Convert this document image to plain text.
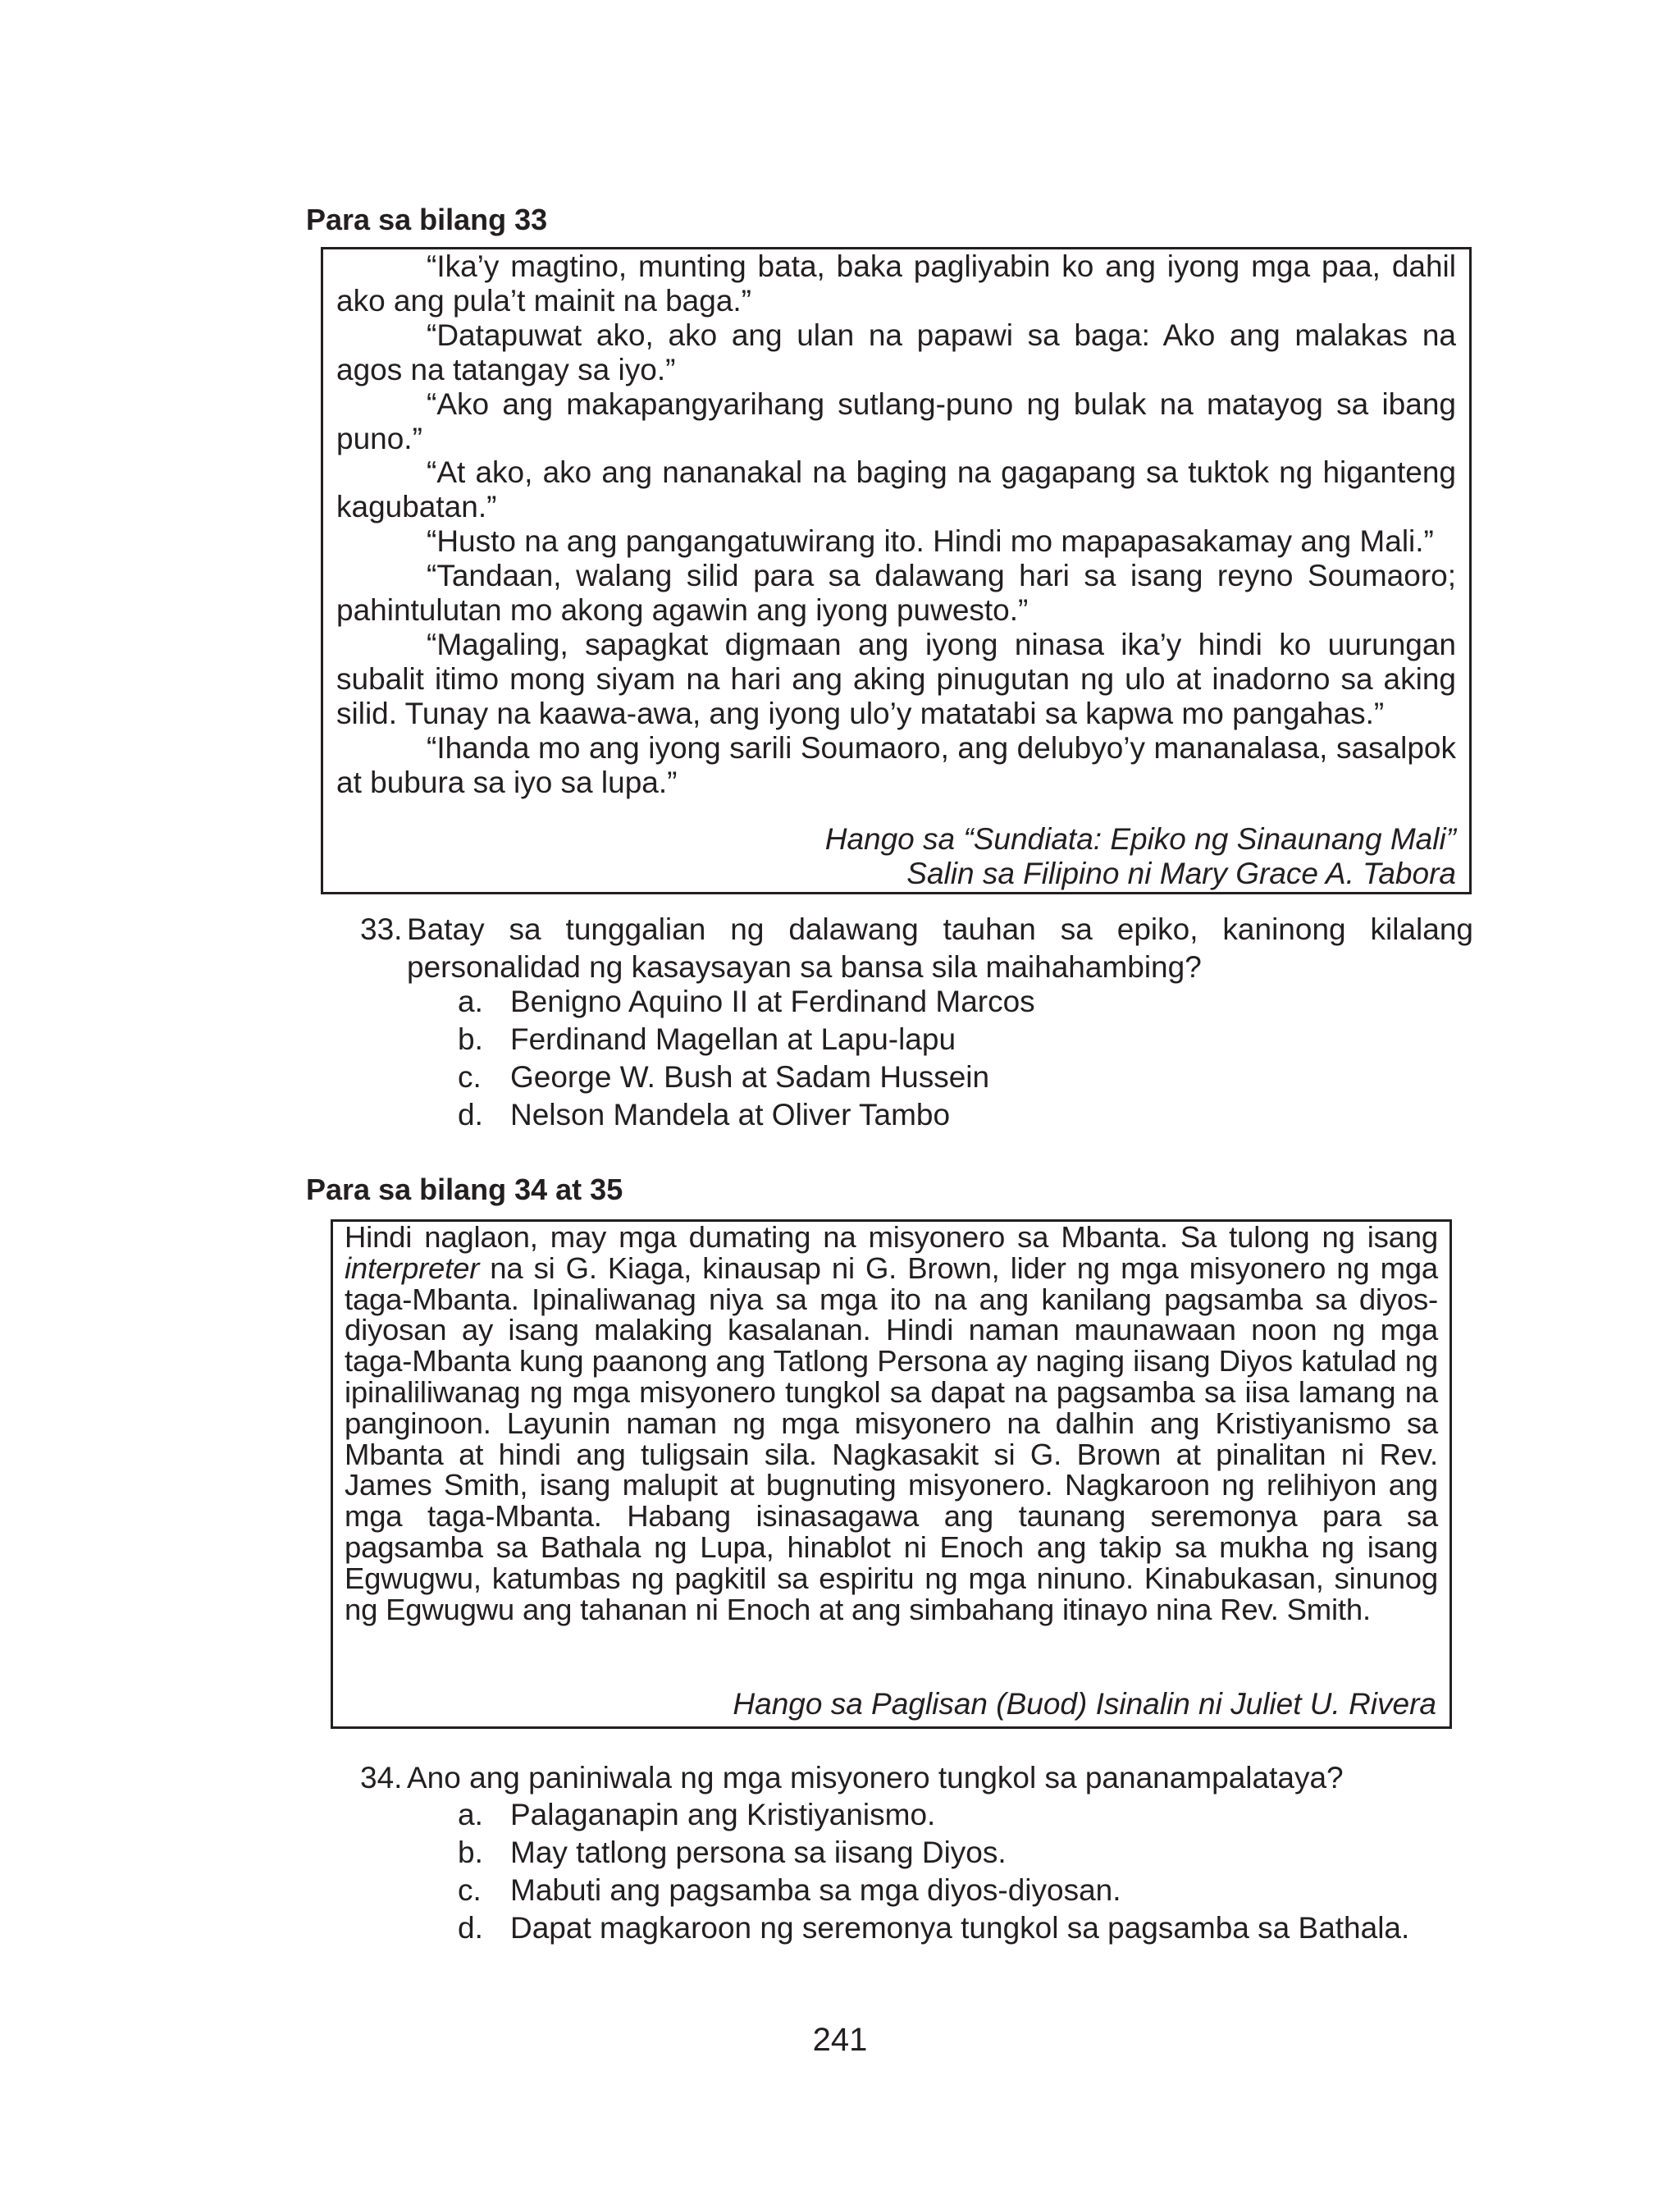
Para sa bilang 33

“Ika’y magtino, munting bata, baka pagliyabin ko ang iyong mga paa, dahil ako ang pula’t mainit na baga.”

“Datapuwat ako, ako ang ulan na papawi sa baga: Ako ang malakas na agos na tatangay sa iyo.”

“Ako ang makapangyarihang sutlang-puno ng bulak na matayog sa ibang puno.”

“At ako, ako ang nananakal na baging na gagapang sa tuktok ng higanteng kagubatan.”

“Husto na ang pangangatuwirang ito. Hindi mo mapapasakamay ang Mali.”

“Tandaan, walang silid para sa dalawang hari sa isang reyno Soumaoro; pahintulutan mo akong agawin ang iyong puwesto.”

“Magaling, sapagkat digmaan ang iyong ninasa ika’y hindi ko uurungan subalit itimo mong siyam na hari ang aking pinugutan ng ulo at inadorno sa aking silid. Tunay na kaawa-awa, ang iyong ulo’y matatabi sa kapwa mo pangahas.”

“Ihanda mo ang iyong sarili Soumaoro, ang delubyo’y mananalasa, sasalpok at bubura sa iyo sa lupa.”

Hango sa “Sundiata: Epiko ng Sinaunang Mali”
Salin sa Filipino ni Mary Grace A. Tabora
33. Batay sa tunggalian ng dalawang tauhan sa epiko, kaninong kilalang personalidad ng kasaysayan sa bansa sila maihahambing?
a. Benigno Aquino II at Ferdinand Marcos
b. Ferdinand Magellan at Lapu-lapu
c. George W. Bush at Sadam Hussein
d. Nelson Mandela at Oliver Tambo
Para sa bilang 34 at 35
Hindi naglaon, may mga dumating na misyonero sa Mbanta. Sa tulong ng isang interpreter na si G. Kiaga, kinausap ni G. Brown, lider ng mga misyonero ng mga taga-Mbanta. Ipinaliwanag niya sa mga ito na ang kanilang pagsamba sa diyos-diyosan ay isang malaking kasalanan. Hindi naman maunawaan noon ng mga taga-Mbanta kung paanong ang Tatlong Persona ay naging iisang Diyos katulad ng ipinaliliwanag ng mga misyonero tungkol sa dapat na pagsamba sa iisa lamang na panginoon. Layunin naman ng mga misyonero na dalhin ang Kristiyanismo sa Mbanta at hindi ang tuligsain sila. Nagkasakit si G. Brown at pinalitan ni Rev. James Smith, isang malupit at bugnuting misyonero. Nagkaroon ng relihiyon ang mga taga-Mbanta. Habang isinasagawa ang taunang seremonya para sa pagsamba sa Bathala ng Lupa, hinablot ni Enoch ang takip sa mukha ng isang Egwugwu, katumbas ng pagkitil sa espiritu ng mga ninuno. Kinabukasan, sinunog ng Egwugwu ang tahanan ni Enoch at ang simbahang itinayo nina Rev. Smith.
Hango sa Paglisan (Buod) Isinalin ni Juliet U. Rivera
34. Ano ang paniniwala ng mga misyonero tungkol sa pananampalataya?
a. Palaganapin ang Kristiyanismo.
b. May tatlong persona sa iisang Diyos.
c. Mabuti ang pagsamba sa mga diyos-diyosan.
d. Dapat magkaroon ng seremonya tungkol sa pagsamba sa Bathala.
241
